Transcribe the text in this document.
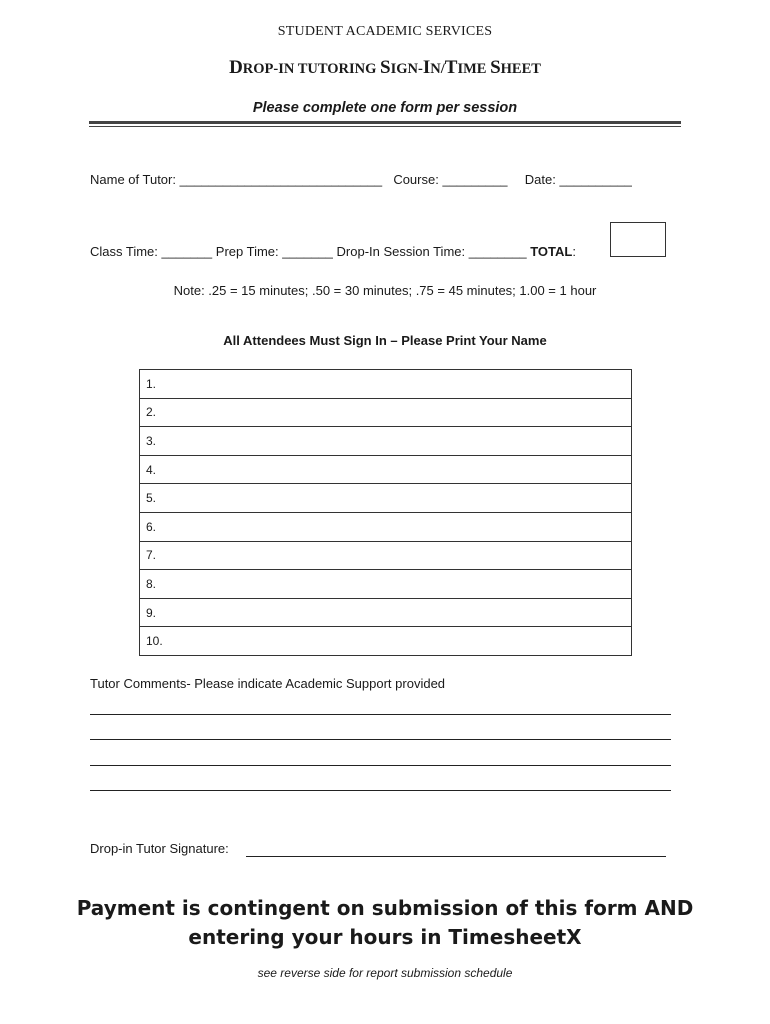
STUDENT ACADEMIC SERVICES
DROP-IN TUTORING SIGN-IN/TIME SHEET
Please complete one form per session
Name of Tutor: ____________________________ Course: _________ Date: __________
Class Time: _______ Prep Time: _______ Drop-In Session Time: ________ TOTAL:
Note: .25 = 15 minutes; .50 = 30 minutes; .75 = 45 minutes; 1.00 = 1 hour
All Attendees Must Sign In – Please Print Your Name
1.
2.
3.
4.
5.
6.
7.
8.
9.
10.
Tutor Comments- Please indicate Academic Support provided
Drop-in Tutor Signature:
Payment is contingent on submission of this form AND
entering your hours in TimesheetX
see reverse side for report submission schedule
